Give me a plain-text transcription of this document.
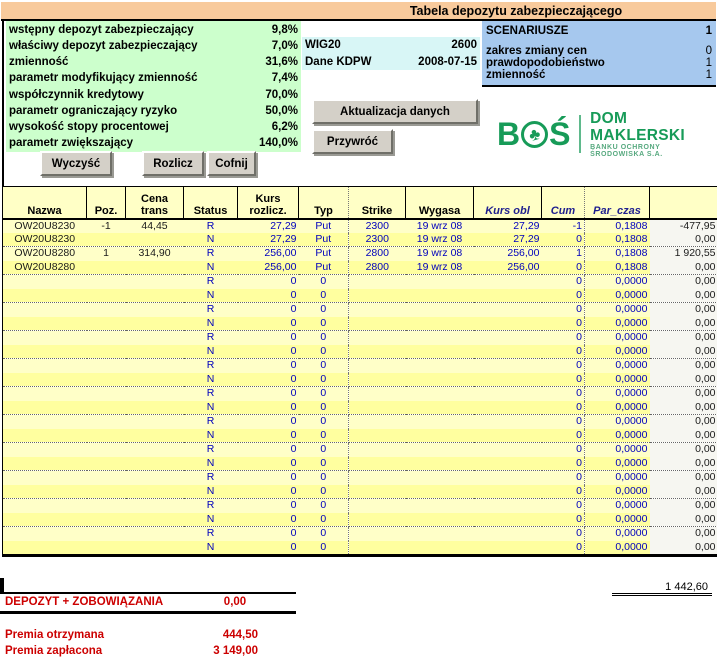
Tabela depozytu zabezpieczającego
wstępny depozyt zabezpieczający	9,8%
właściwy depozyt zabezpieczający	7,0%
zmienność	31,6%
parametr modyfikujący zmienność	7,4%
współczynnik kredytowy	70,0%
parametr ograniczający ryzyko	50,0%
wysokość stopy procentowej	6,2%
parametr zwiększający	140,0%
WIG20	2600
Dane KDPW	2008-07-15
SCENARIUSZE	1
zakres zmiany cen	0
prawdopodobieństwo	1
zmienność	1
Aktualizacja danych
Przywróć
Wyczyść	Rozlicz	Cofnij
B ♣ Ś DOM MAKLERSKI
BANKU OCHRONY ŚRODOWISKA S.A.
Nazwa	Poz.	Cena trans	Status	Kurs rozlicz.	Typ	Strike	Wygasa	Kurs obl	Cum	Par_czas	
OW20U8230	-1	44,45	R	27,29	Put	2300	19 wrz 08	27,29	-1	0,1808	-477,95
OW20U8230			N	27,29	Put	2300	19 wrz 08	27,29	0	0,1808	0,00
OW20U8280	1	314,90	R	256,00	Put	2800	19 wrz 08	256,00	1	0,1808	1 920,55
OW20U8280			N	256,00	Put	2800	19 wrz 08	256,00	0	0,1808	0,00
			R	0	0				0	0,0000	0,00
			N	0	0				0	0,0000	0,00
			R	0	0				0	0,0000	0,00
			N	0	0				0	0,0000	0,00
			R	0	0				0	0,0000	0,00
			N	0	0				0	0,0000	0,00
			R	0	0				0	0,0000	0,00
			N	0	0				0	0,0000	0,00
			R	0	0				0	0,0000	0,00
			N	0	0				0	0,0000	0,00
			R	0	0				0	0,0000	0,00
			N	0	0				0	0,0000	0,00
			R	0	0				0	0,0000	0,00
			N	0	0				0	0,0000	0,00
			R	0	0				0	0,0000	0,00
			N	0	0				0	0,0000	0,00
			R	0	0				0	0,0000	0,00
			N	0	0				0	0,0000	0,00
			R	0	0				0	0,0000	0,00
			N	0	0				0	0,0000	0,00
1 442,60
DEPOZYT + ZOBOWIĄZANIA	0,00
Premia otrzymana	444,50
Premia zapłacona	3 149,00
